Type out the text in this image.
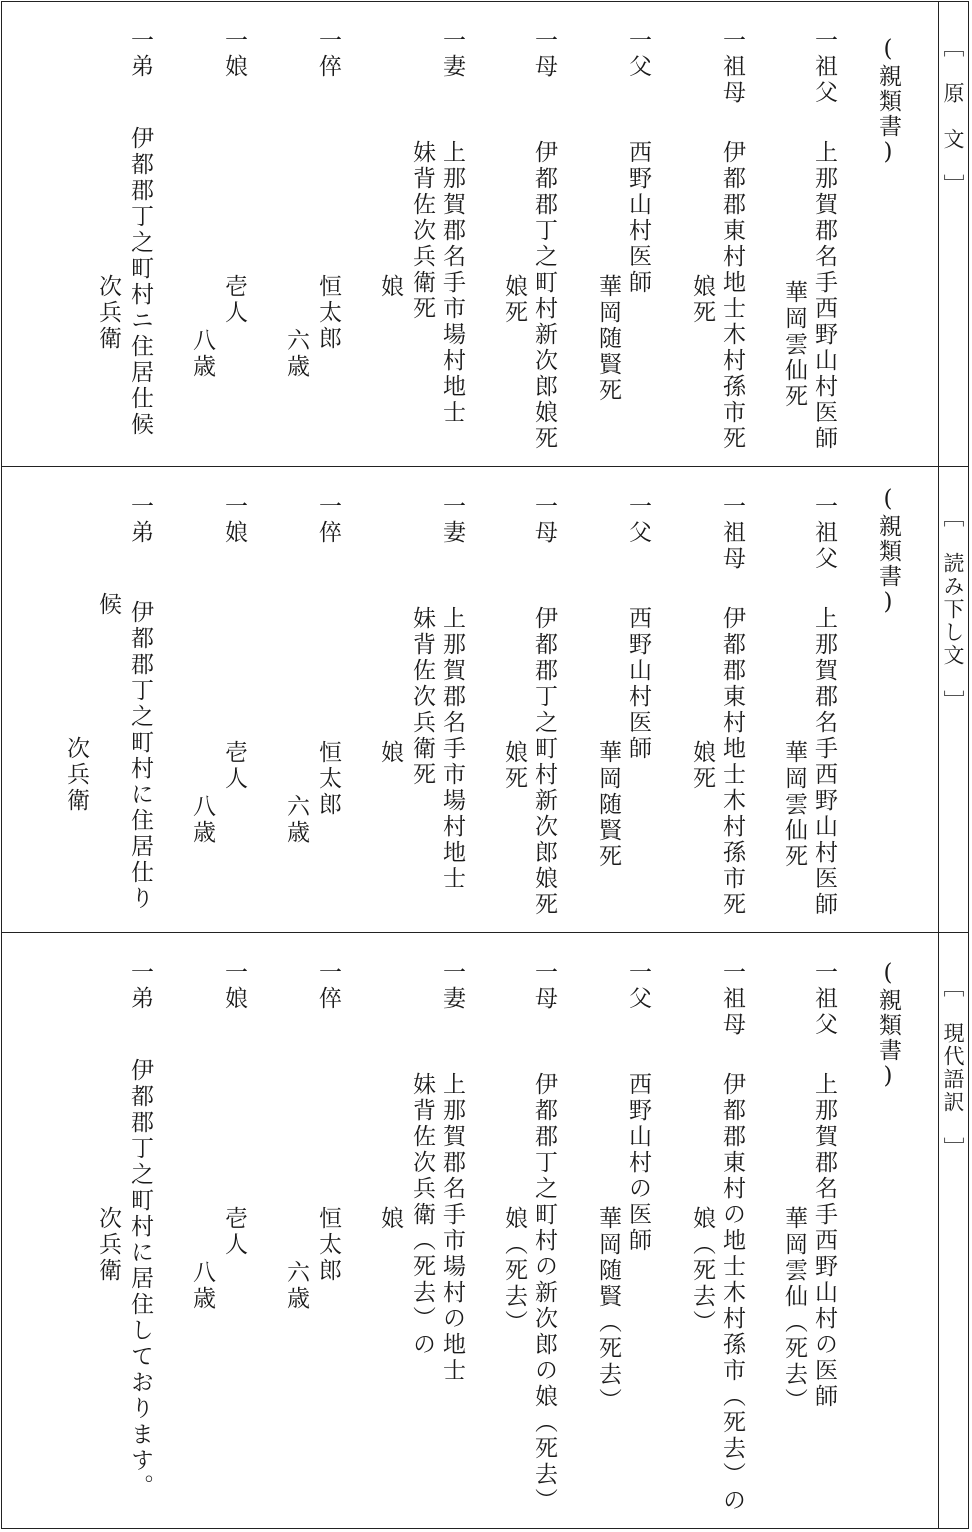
［　原　文　］
(親類書)
一祖父
上那賀郡名手西野山村医師
華岡雲仙死
一祖母
伊都郡東村地士木村孫市死
娘死
一父
西野山村医師
華岡随賢死
一母
伊都郡丁之町村新次郎娘死
娘死
一妻
上那賀郡名手市場村地士
妹背佐次兵衛死
娘
一倅
恒太郎
六歳
一娘
壱人
八歳
一弟
伊都郡丁之町村ニ住居仕候
次兵衛
［　読み下し文　］
(親類書)
一祖父
上那賀郡名手西野山村医師
華岡雲仙死
一祖母
伊都郡東村地士木村孫市死
娘死
一父
西野山村医師
華岡随賢死
一母
伊都郡丁之町村新次郎娘死
娘死
一妻
上那賀郡名手市場村地士
妹背佐次兵衛死
娘
一倅
恒太郎
六歳
一娘
壱人
八歳
一弟
伊都郡丁之町村に住居仕り
候
次兵衛
［　現代語訳　］
(親類書)
一祖父
上那賀郡名手西野山村の医師
華岡雲仙（死去）
一祖母
伊都郡東村の地士木村孫市（死去）の
娘（死去）
一父
西野山村の医師
華岡随賢（死去）
一母
伊都郡丁之町村の新次郎の娘（死去）
娘（死去）
一妻
上那賀郡名手市場村の地士
妹背佐次兵衛（死去）の
娘
一倅
恒太郎
六歳
一娘
壱人
八歳
一弟
伊都郡丁之町村に居住しております。
次兵衛
